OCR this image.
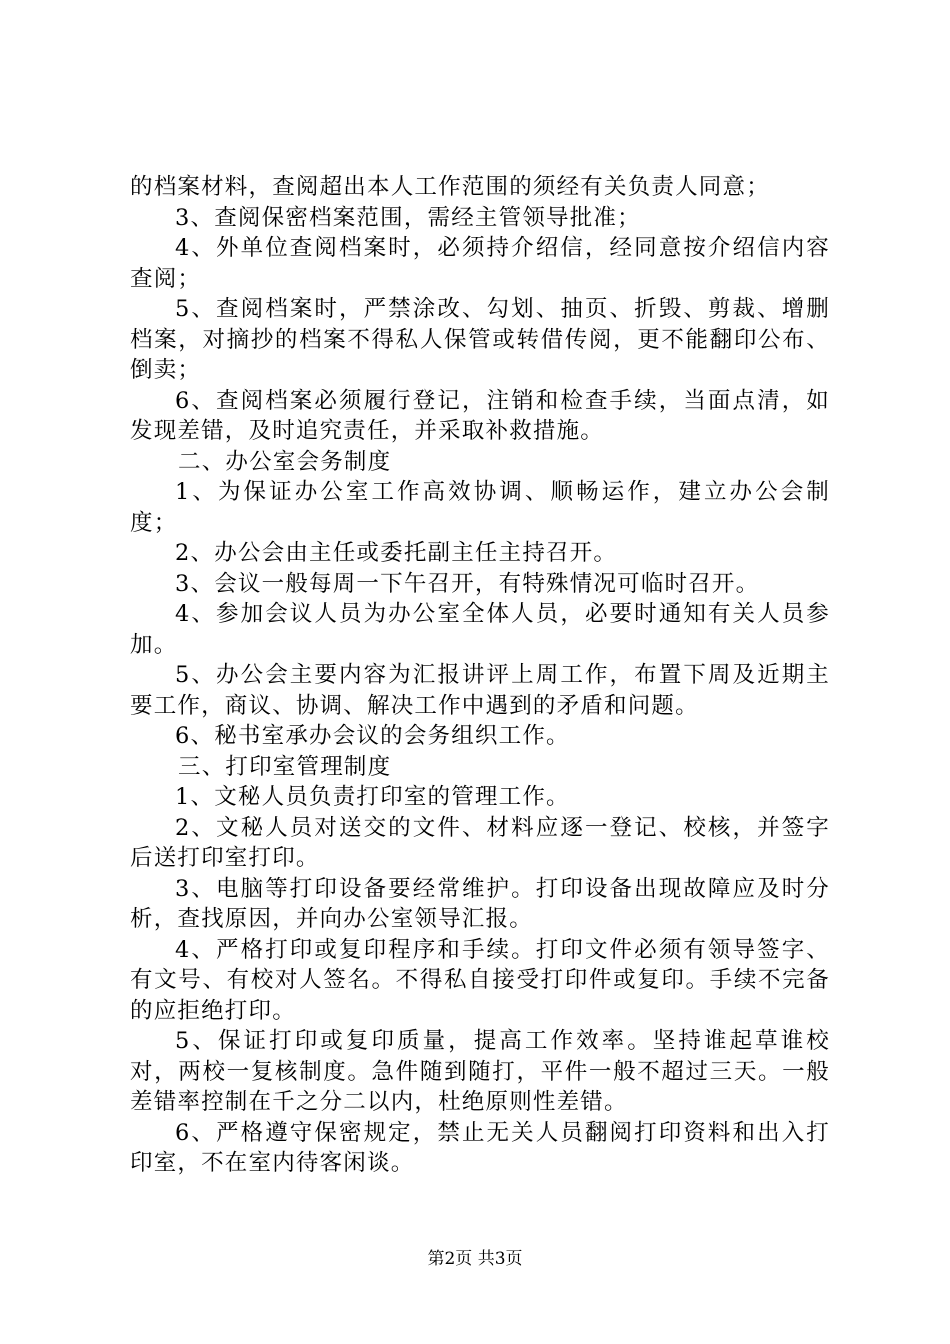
的档案材料，查阅超出本人工作范围的须经有关负责人同意；

3、查阅保密档案范围，需经主管领导批准；

4、外单位查阅档案时，必须持介绍信，经同意按介绍信内容查阅；

5、查阅档案时，严禁涂改、勾划、抽页、折毁、剪裁、增删档案，对摘抄的档案不得私人保管或转借传阅，更不能翻印公布、倒卖；

6、查阅档案必须履行登记，注销和检查手续，当面点清，如发现差错，及时追究责任，并采取补救措施。

二、办公室会务制度

1、为保证办公室工作高效协调、顺畅运作，建立办公会制度；

2、办公会由主任或委托副主任主持召开。

3、会议一般每周一下午召开，有特殊情况可临时召开。

4、参加会议人员为办公室全体人员，必要时通知有关人员参加。

5、办公会主要内容为汇报讲评上周工作，布置下周及近期主要工作，商议、协调、解决工作中遇到的矛盾和问题。

6、秘书室承办会议的会务组织工作。

三、打印室管理制度

1、文秘人员负责打印室的管理工作。

2、文秘人员对送交的文件、材料应逐一登记、校核，并签字后送打印室打印。

3、电脑等打印设备要经常维护。打印设备出现故障应及时分析，查找原因，并向办公室领导汇报。

4、严格打印或复印程序和手续。打印文件必须有领导签字、有文号、有校对人签名。不得私自接受打印件或复印。手续不完备的应拒绝打印。

5、保证打印或复印质量，提高工作效率。坚持谁起草谁校对，两校一复核制度。急件随到随打，平件一般不超过三天。一般差错率控制在千之分二以内，杜绝原则性差错。

6、严格遵守保密规定，禁止无关人员翻阅打印资料和出入打印室，不在室内待客闲谈。

第2页 共3页
